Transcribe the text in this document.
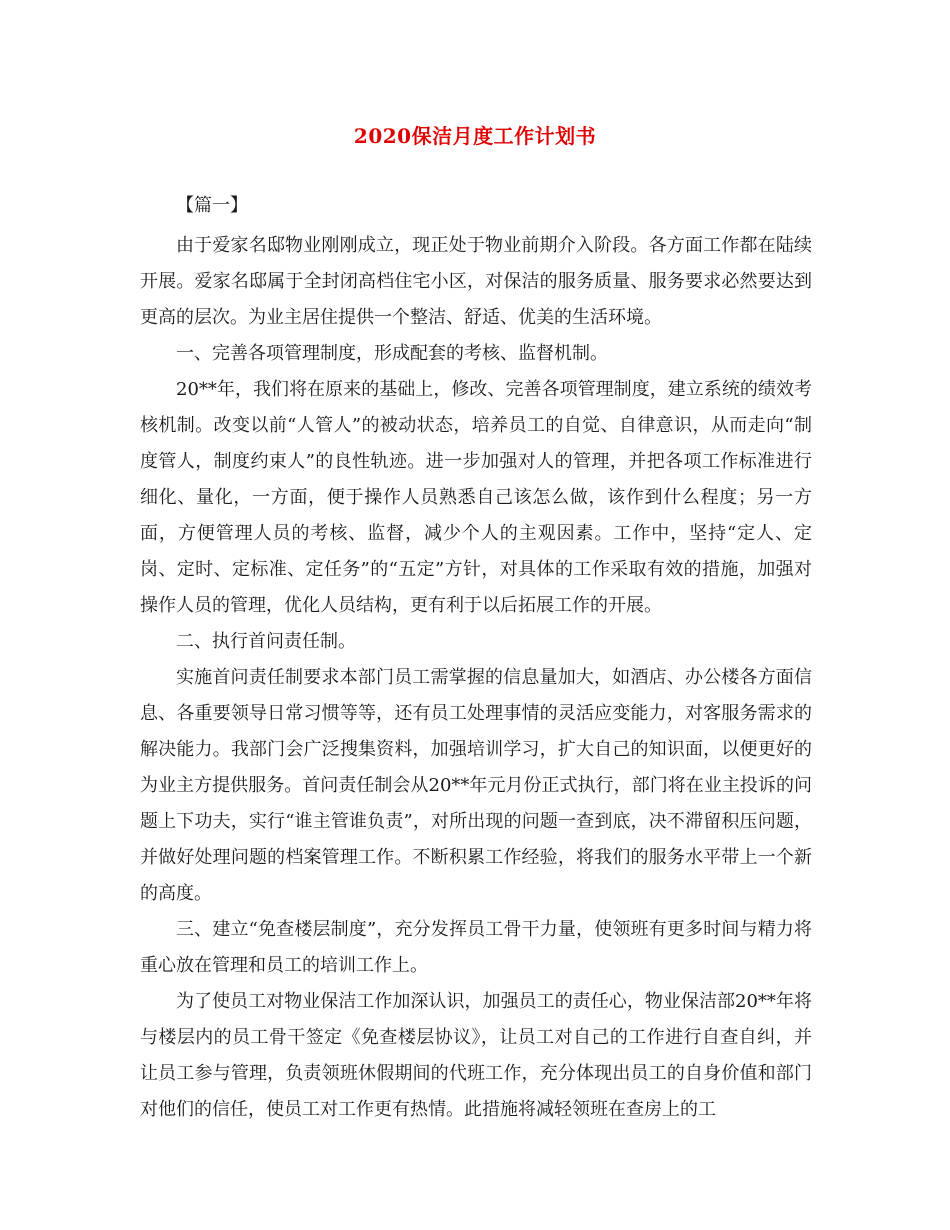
2020保洁月度工作计划书

【篇一】

由于爱家名邸物业刚刚成立，现正处于物业前期介入阶段。各方面工作都在陆续开展。爱家名邸属于全封闭高档住宅小区，对保洁的服务质量、服务要求必然要达到更高的层次。为业主居住提供一个整洁、舒适、优美的生活环境。

一、完善各项管理制度，形成配套的考核、监督机制。

20**年，我们将在原来的基础上，修改、完善各项管理制度，建立系统的绩效考核机制。改变以前“人管人”的被动状态，培养员工的自觉、自律意识，从而走向“制度管人，制度约束人”的良性轨迹。进一步加强对人的管理，并把各项工作标准进行细化、量化，一方面，便于操作人员熟悉自己该怎么做，该作到什么程度；另一方面，方便管理人员的考核、监督，减少个人的主观因素。工作中，坚持“定人、定岗、定时、定标准、定任务”的“五定”方针，对具体的工作采取有效的措施，加强对操作人员的管理，优化人员结构，更有利于以后拓展工作的开展。

二、执行首问责任制。

实施首问责任制要求本部门员工需掌握的信息量加大，如酒店、办公楼各方面信息、各重要领导日常习惯等等，还有员工处理事情的灵活应变能力，对客服务需求的解决能力。我部门会广泛搜集资料，加强培训学习，扩大自己的知识面，以便更好的为业主方提供服务。首问责任制会从20**年元月份正式执行，部门将在业主投诉的问题上下功夫，实行“谁主管谁负责”，对所出现的问题一查到底，决不滞留积压问题，并做好处理问题的档案管理工作。不断积累工作经验，将我们的服务水平带上一个新的高度。

三、建立“免查楼层制度”，充分发挥员工骨干力量，使领班有更多时间与精力将重心放在管理和员工的培训工作上。

为了使员工对物业保洁工作加深认识，加强员工的责任心，物业保洁部20**年将与楼层内的员工骨干签定《免查楼层协议》，让员工对自己的工作进行自查自纠，并让员工参与管理，负责领班休假期间的代班工作，充分体现出员工的自身价值和部门对他们的信任，使员工对工作更有热情。此措施将减轻领班在查房上的工
